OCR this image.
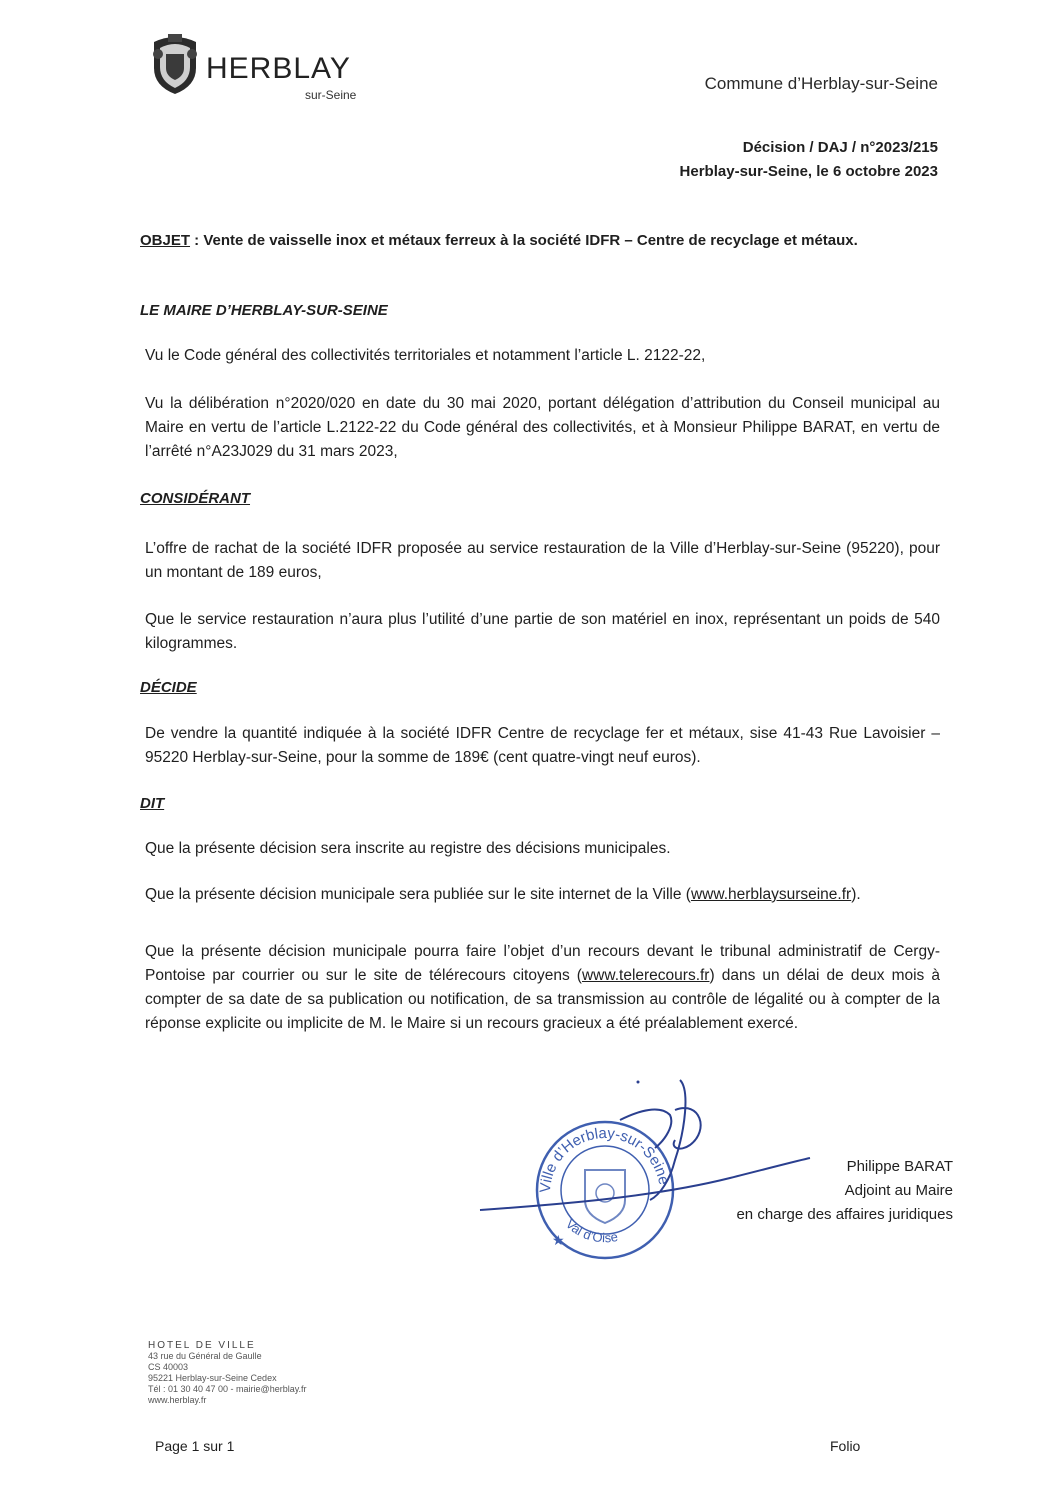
HERBLAY
sur-Seine
Commune d’Herblay-sur-Seine
Décision / DAJ / n°2023/215
Herblay-sur-Seine, le 6 octobre 2023
OBJET : Vente de vaisselle inox et métaux ferreux à la société IDFR – Centre de recyclage et métaux.
LE MAIRE D’HERBLAY-SUR-SEINE
Vu le Code général des collectivités territoriales et notamment l’article L. 2122-22,
Vu la délibération n°2020/020 en date du 30 mai 2020, portant délégation d’attribution du Conseil municipal au Maire en vertu de l’article L.2122-22 du Code général des collectivités, et à Monsieur Philippe BARAT, en vertu de l’arrêté n°A23J029 du 31 mars 2023,
CONSIDÉRANT
L’offre de rachat de la société IDFR proposée au service restauration de la Ville d’Herblay-sur-Seine (95220), pour un montant de 189 euros,
Que le service restauration n’aura plus l’utilité d’une partie de son matériel en inox, représentant un poids de 540 kilogrammes.
DÉCIDE
De vendre la quantité indiquée à la société IDFR Centre de recyclage fer et métaux, sise 41-43 Rue Lavoisier – 95220 Herblay-sur-Seine, pour la somme de 189€ (cent quatre-vingt neuf euros).
DIT
Que la présente décision sera inscrite au registre des décisions municipales.
Que la présente décision municipale sera publiée sur le site internet de la Ville (www.herblaysurseine.fr).
Que la présente décision municipale pourra faire l’objet d’un recours devant le tribunal administratif de Cergy-Pontoise par courrier ou sur le site de télérecours citoyens (www.telerecours.fr) dans un délai de deux mois à compter de sa date de sa publication ou notification, de sa transmission au contrôle de légalité ou à compter de la réponse explicite ou implicite de M. le Maire si un recours gracieux a été préalablement exercé.
Ville d’Herblay-sur-Seine
Val d’Oise
★
Philippe BARAT
Adjoint au Maire
en charge des affaires juridiques
HOTEL DE VILLE
43 rue du Général de Gaulle
CS 40003
95221 Herblay-sur-Seine Cedex
Tél : 01 30 40 47 00 - mairie@herblay.fr
www.herblay.fr
Page 1 sur 1	Folio
